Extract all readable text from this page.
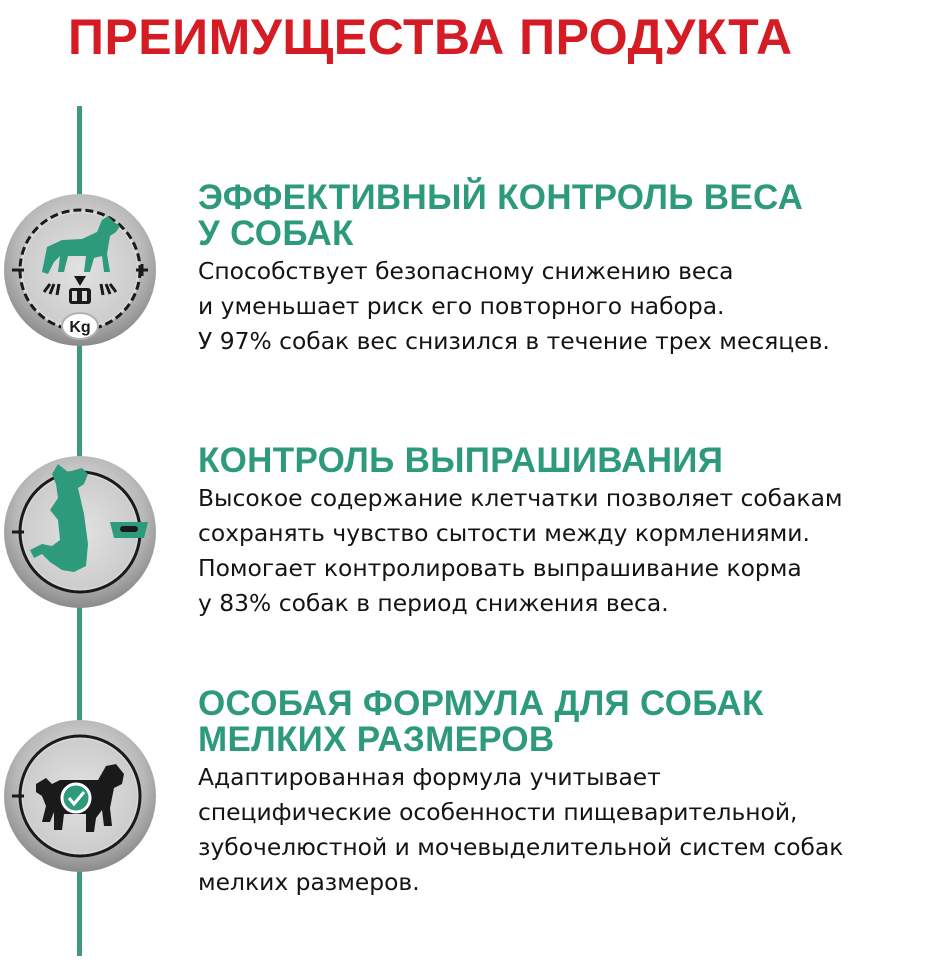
ПРЕИМУЩЕСТВА ПРОДУКТА
Kg
ЭФФЕКТИВНЫЙ КОНТРОЛЬ ВЕСА
У СОБАК

Способствует безопасному снижению веса
и уменьшает риск его повторного набора.
У 97% собак вес снизился в течение трех месяцев.

КОНТРОЛЬ ВЫПРАШИВАНИЯ

Высокое содержание клетчатки позволяет собакам
сохранять чувство сытости между кормлениями.
Помогает контролировать выпрашивание корма
у 83% собак в период снижения веса.

ОСОБАЯ ФОРМУЛА ДЛЯ СОБАК
МЕЛКИХ РАЗМЕРОВ

Адаптированная формула учитывает
специфические особенности пищеварительной,
зубочелюстной и мочевыделительной систем собак
мелких размеров.
